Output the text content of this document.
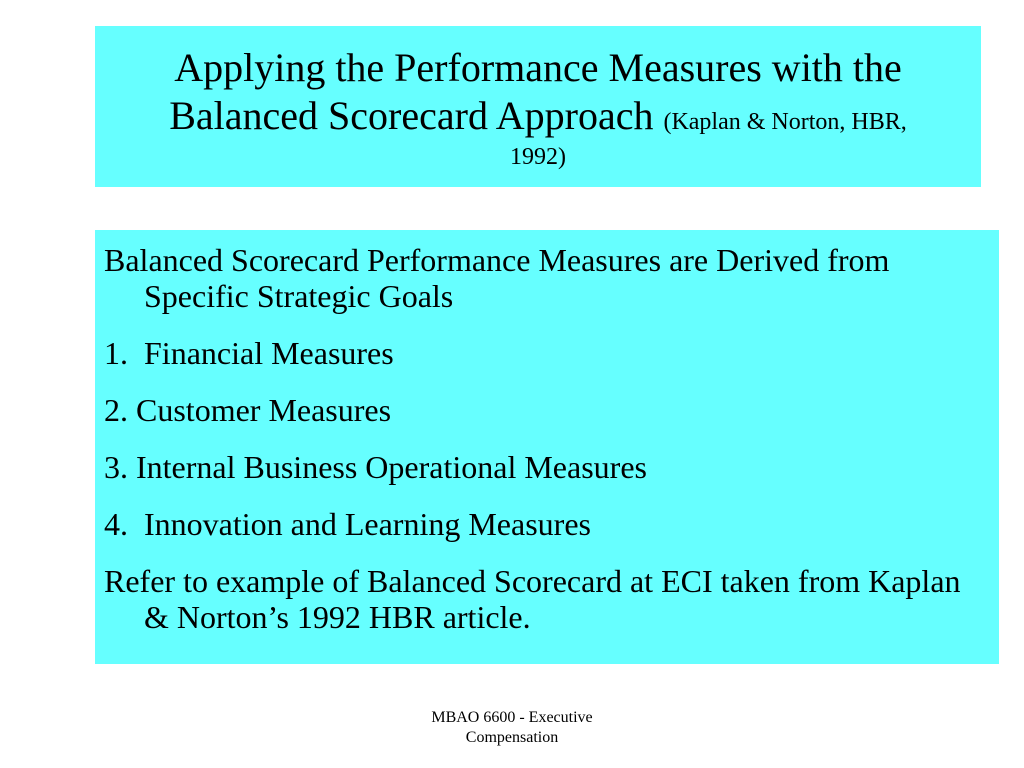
Applying the Performance Measures with the
Balanced Scorecard Approach (Kaplan & Norton, HBR,
1992)

Balanced Scorecard Performance Measures are Derived from Specific Strategic Goals

1.  Financial Measures

2. Customer Measures

3. Internal Business Operational Measures

4.  Innovation and Learning Measures

Refer to example of Balanced Scorecard at ECI taken from Kaplan & Norton’s 1992 HBR article.

MBAO 6600 - Executive
Compensation
